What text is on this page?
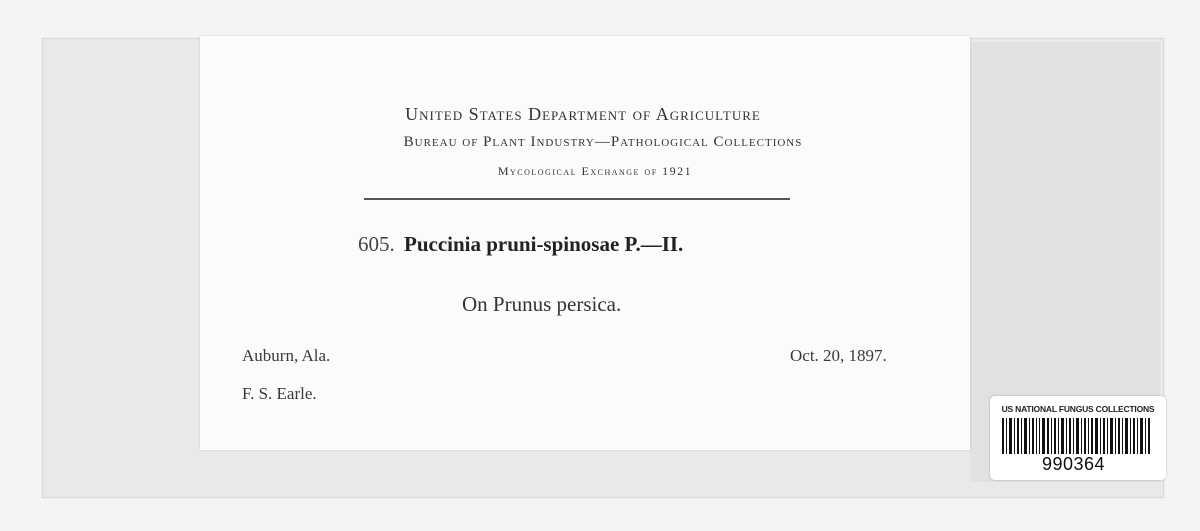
United States Department of Agriculture
Bureau of Plant Industry—Pathological Collections
Mycological Exchange of 1921
605. Puccinia pruni-spinosae P.—II.
On Prunus persica.
Auburn, Ala.	Oct. 20, 1897.
F. S. Earle.
US NATIONAL FUNGUS COLLECTIONS
990364
